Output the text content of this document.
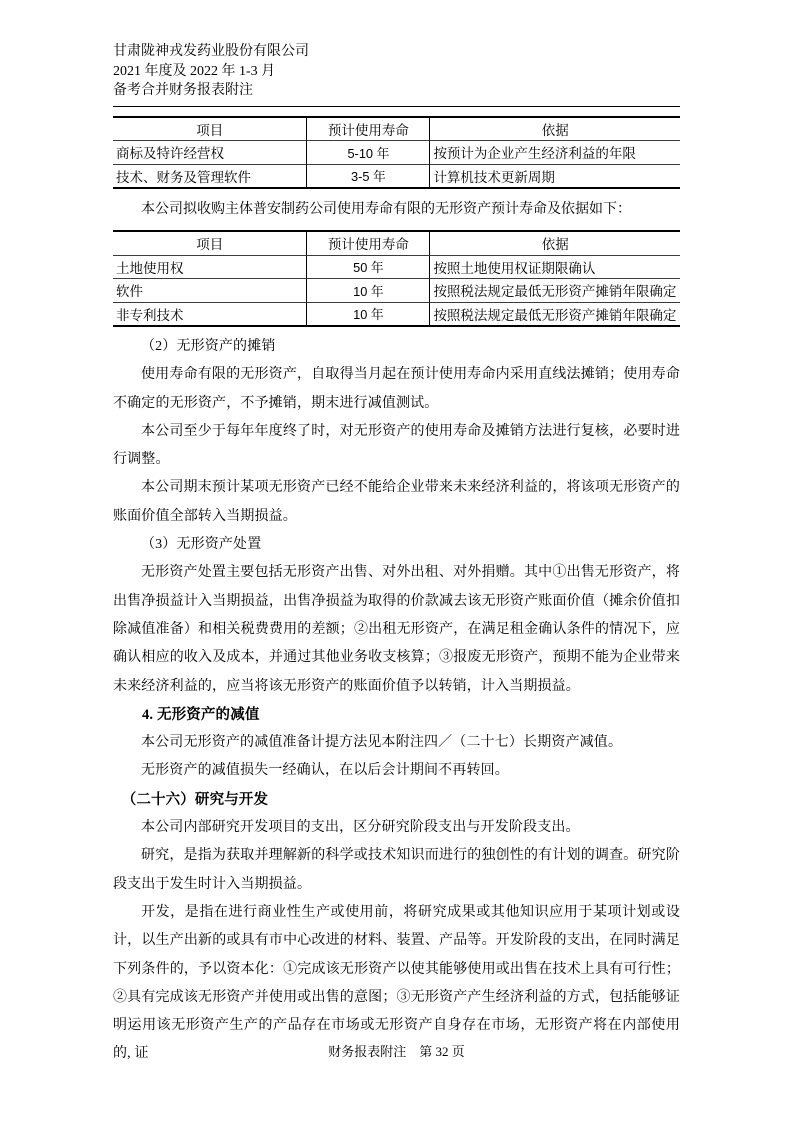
甘肃陇神戎发药业股份有限公司
2021 年度及 2022 年 1-3 月
备考合并财务报表附注
项目	预计使用寿命	依据
商标及特许经营权	5-10 年	按预计为企业产生经济利益的年限
技术、财务及管理软件	3-5 年	计算机技术更新周期

本公司拟收购主体普安制药公司使用寿命有限的无形资产预计寿命及依据如下：

项目	预计使用寿命	依据
土地使用权	50 年	按照土地使用权证期限确认
软件	10 年	按照税法规定最低无形资产摊销年限确定
非专利技术	10 年	按照税法规定最低无形资产摊销年限确定

（2）无形资产的摊销

使用寿命有限的无形资产，自取得当月起在预计使用寿命内采用直线法摊销；使用寿命不确定的无形资产，不予摊销，期末进行减值测试。

本公司至少于每年年度终了时，对无形资产的使用寿命及摊销方法进行复核，必要时进行调整。

本公司期末预计某项无形资产已经不能给企业带来未来经济利益的，将该项无形资产的账面价值全部转入当期损益。

（3）无形资产处置

无形资产处置主要包括无形资产出售、对外出租、对外捐赠。其中①出售无形资产，将出售净损益计入当期损益，出售净损益为取得的价款减去该无形资产账面价值（摊余价值扣除减值准备）和相关税费费用的差额；②出租无形资产，在满足租金确认条件的情况下，应确认相应的收入及成本，并通过其他业务收支核算；③报废无形资产，预期不能为企业带来未来经济利益的，应当将该无形资产的账面价值予以转销，计入当期损益。

4. 无形资产的减值

本公司无形资产的减值准备计提方法见本附注四／（二十七）长期资产减值。

无形资产的减值损失一经确认，在以后会计期间不再转回。

（二十六）研究与开发

本公司内部研究开发项目的支出，区分研究阶段支出与开发阶段支出。

研究，是指为获取并理解新的科学或技术知识而进行的独创性的有计划的调查。研究阶段支出于发生时计入当期损益。

开发，是指在进行商业性生产或使用前，将研究成果或其他知识应用于某项计划或设计，以生产出新的或具有市中心改进的材料、装置、产品等。开发阶段的支出，在同时满足下列条件的，予以资本化：①完成该无形资产以使其能够使用或出售在技术上具有可行性；②具有完成该无形资产并使用或出售的意图；③无形资产产生经济利益的方式，包括能够证明运用该无形资产生产的产品存在市场或无形资产自身存在市场，无形资产将在内部使用的, 证	财务报表附注　第 32 页
